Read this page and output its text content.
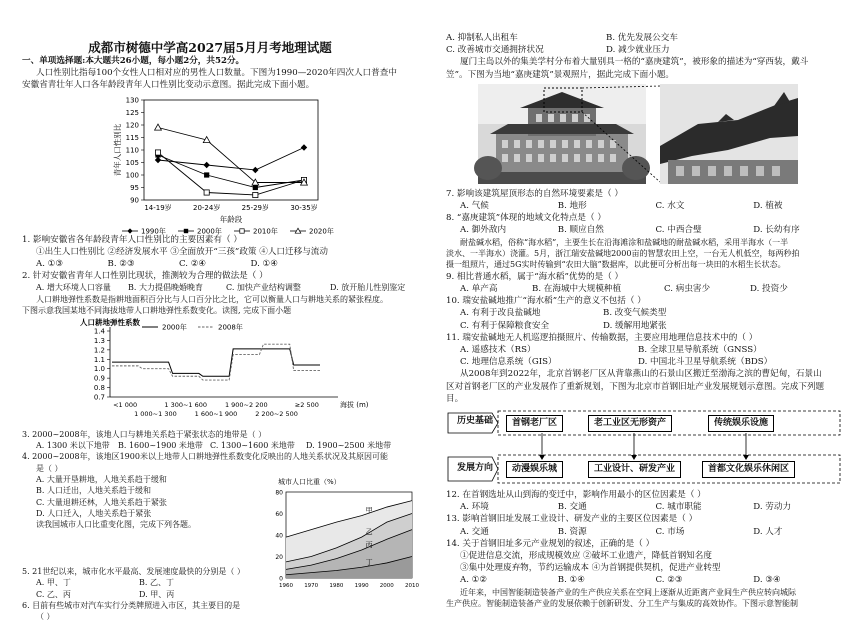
成都市树德中学高2027届5月月考地理试题
一、单项选择题:本大题共26小题，每小题2分，共52分。
人口性别比指每100个女性人口相对应的男性人口数量。下图为1990—2020年四次人口普查中
安徽省青壮年人口各年龄段青年人口性别比变动示意图。据此完成下面小题。
90
95
100
105
110
115
120
125
130
14-19岁	20-24岁	25-29岁	30-35岁
年龄段
青年人口性别比
1990年	2000年	2010年	2020年
1. 影响安徽省各年龄段青年人口性别比的主要因素有（ ）
①出生人口性别比 ②经济发展水平 ③全面放开“三孩”政策 ④人口迁移与流动
A. ①③	B. ②③	C. ②④	D. ①④
2. 针对安徽省青年人口性别比现状，推测较为合理的做法是（ ）
A. 增大环境人口容量	B. 大力提倡晚婚晚育	C. 加快产业结构调整	D. 放开胎儿性别鉴定
人口耕地弹性系数是指耕地面积百分比与人口百分比之比，它可以衡量人口与耕地关系的紧张程度。
下图示意我国某地不同海拔地带人口耕地弹性系数变化。读图, 完成下面小题
人口耕地弹性系数
0.7
0.8
0.9
1.0
1.1
1.2
1.3
1.4
<1 000
1 000~1 300
1 300~1 600
1 600~1 900
1 900~2 200
2 200~2 500
≥2 500	海拔 (m)
2000年	2008年
3. 2000~2008年，该地人口与耕地关系趋于紧张状态的地带是（ ）
A. 1300 米以下地带	B. 1600~1900 米地带 C. 1300~1600 米地带	D. 1900~2500 米地带
4. 2000~2008年，该地区1900米以上地带人口耕地弹性系数变化反映出的人地关系状况及其原因可能
是（ ）
A. 大量开垦耕地，人地关系趋于缓和
B. 人口迁出，人地关系趋于缓和
C. 大量退耕还林，人地关系趋于紧张
D. 人口迁入，人地关系趋于紧张
读我国城市人口比重变化图，完成下列各题。
城市人口比重（%）
0
20
40
60
80
1960 1970 1980 1990 2000 2010
甲
乙
丙
丁
5. 21世纪以来，城市化水平最高、发展速度最快的分别是（ ）
A. 甲、丁	B. 乙、丁
C. 乙、丙	D. 甲、丙
6. 目前有些城市对汽车实行分类牌照进入市区，其主要目的是
（ ）
A. 抑制私人出租车	B. 优先发展公交车
C. 改善城市交通拥挤状况	D. 减少就业压力
厦门主岛以外的集美学村分布着大量别具一格的“嘉庚建筑”，被形象的描述为“穿西装，戴斗
笠”。下图为当地“嘉庚建筑”景观照片，据此完成下面小题。
7. 影响该建筑屋顶形态的自然环境要素是（ ）
A. 气候	B. 地形	C. 水文	D. 植被
8. “嘉庚建筑”体现的地域文化特点是（ ）
A. 御外敌内	B. 顺应自然	C. 中西合璧	D. 长幼有序
耐盐碱水稻，俗称“海水稻”，主要生长在沿海滩涂和盐碱地的耐盐碱水稻，采用半海水（一半
淡水、一半海水）浇灌。5月，浙江瑞安盐碱地2000亩的智慧农田上空，一台无人机低空，每两秒拍
摄一组照片，通过5G实时传输到“农田大脑”数据库，以此便可分析出每一块田的水稻生长状态。
9. 相比普通水稻，属于“海水稻”优势的是（ ）
A. 单产高	B. 在海城中大规模种植	C. 病虫害少	D. 投资少
10. 瑞安盐碱地推广“海水稻”生产的意义不包括（ ）
A. 有利于改良盐碱地	B. 改变气候类型
C. 有利于保障粮食安全	D. 缓解用地紧张
11. 瑞安盐碱地无人机巡逻拍摄照片、传输数据，主要应用地理信息技术中的（ ）
A. 遥感技术（RS）	B. 全球卫星导航系统（GNSS）
C. 地理信息系统（GIS）	D. 中国北斗卫星导航系统（BDS）
从2008年到2022年，北京首钢老厂区从背靠燕山的石景山区搬迁至渤海之滨的曹妃甸，石景山
区对首钢老厂区的产业发展作了重新规划，下图为北京市首钢旧址产业发展规划示意图。完成下列题
目。
历史基础
发展方向
首钢老厂区	老工业区无形资产	传统娱乐设施
动漫娱乐城	工业设计、研发产业	首都文化娱乐休闲区
12. 在首钢选址从山到海的变迁中，影响作用最小的区位因素是（ ）
A. 环境	B. 交通	C. 城市职能	D. 劳动力
13. 影响首钢旧址发展工业设计、研发产业的主要区位因素是（ ）
A. 交通	B. 资源	C. 市场	D. 人才
14. 关于首钢旧址多元产业规划的叙述，正确的是（ ）
①促进信息交流，形成规模效应 ②破坏工业遗产，降低首钢知名度
③集中处理废弃物，节约运输成本 ④为首钢提供契机，促进产业转型
A. ①②	B. ①④	C. ②③	D. ③④
近年来，中国智能制造装备产业的生产供应关系在空间上逐渐从近距离产业间生产供应转向城际
生产供应。智能制造装备产业的发展依赖于创新研发、分工生产与集成的高效协作。下图示意智能制
